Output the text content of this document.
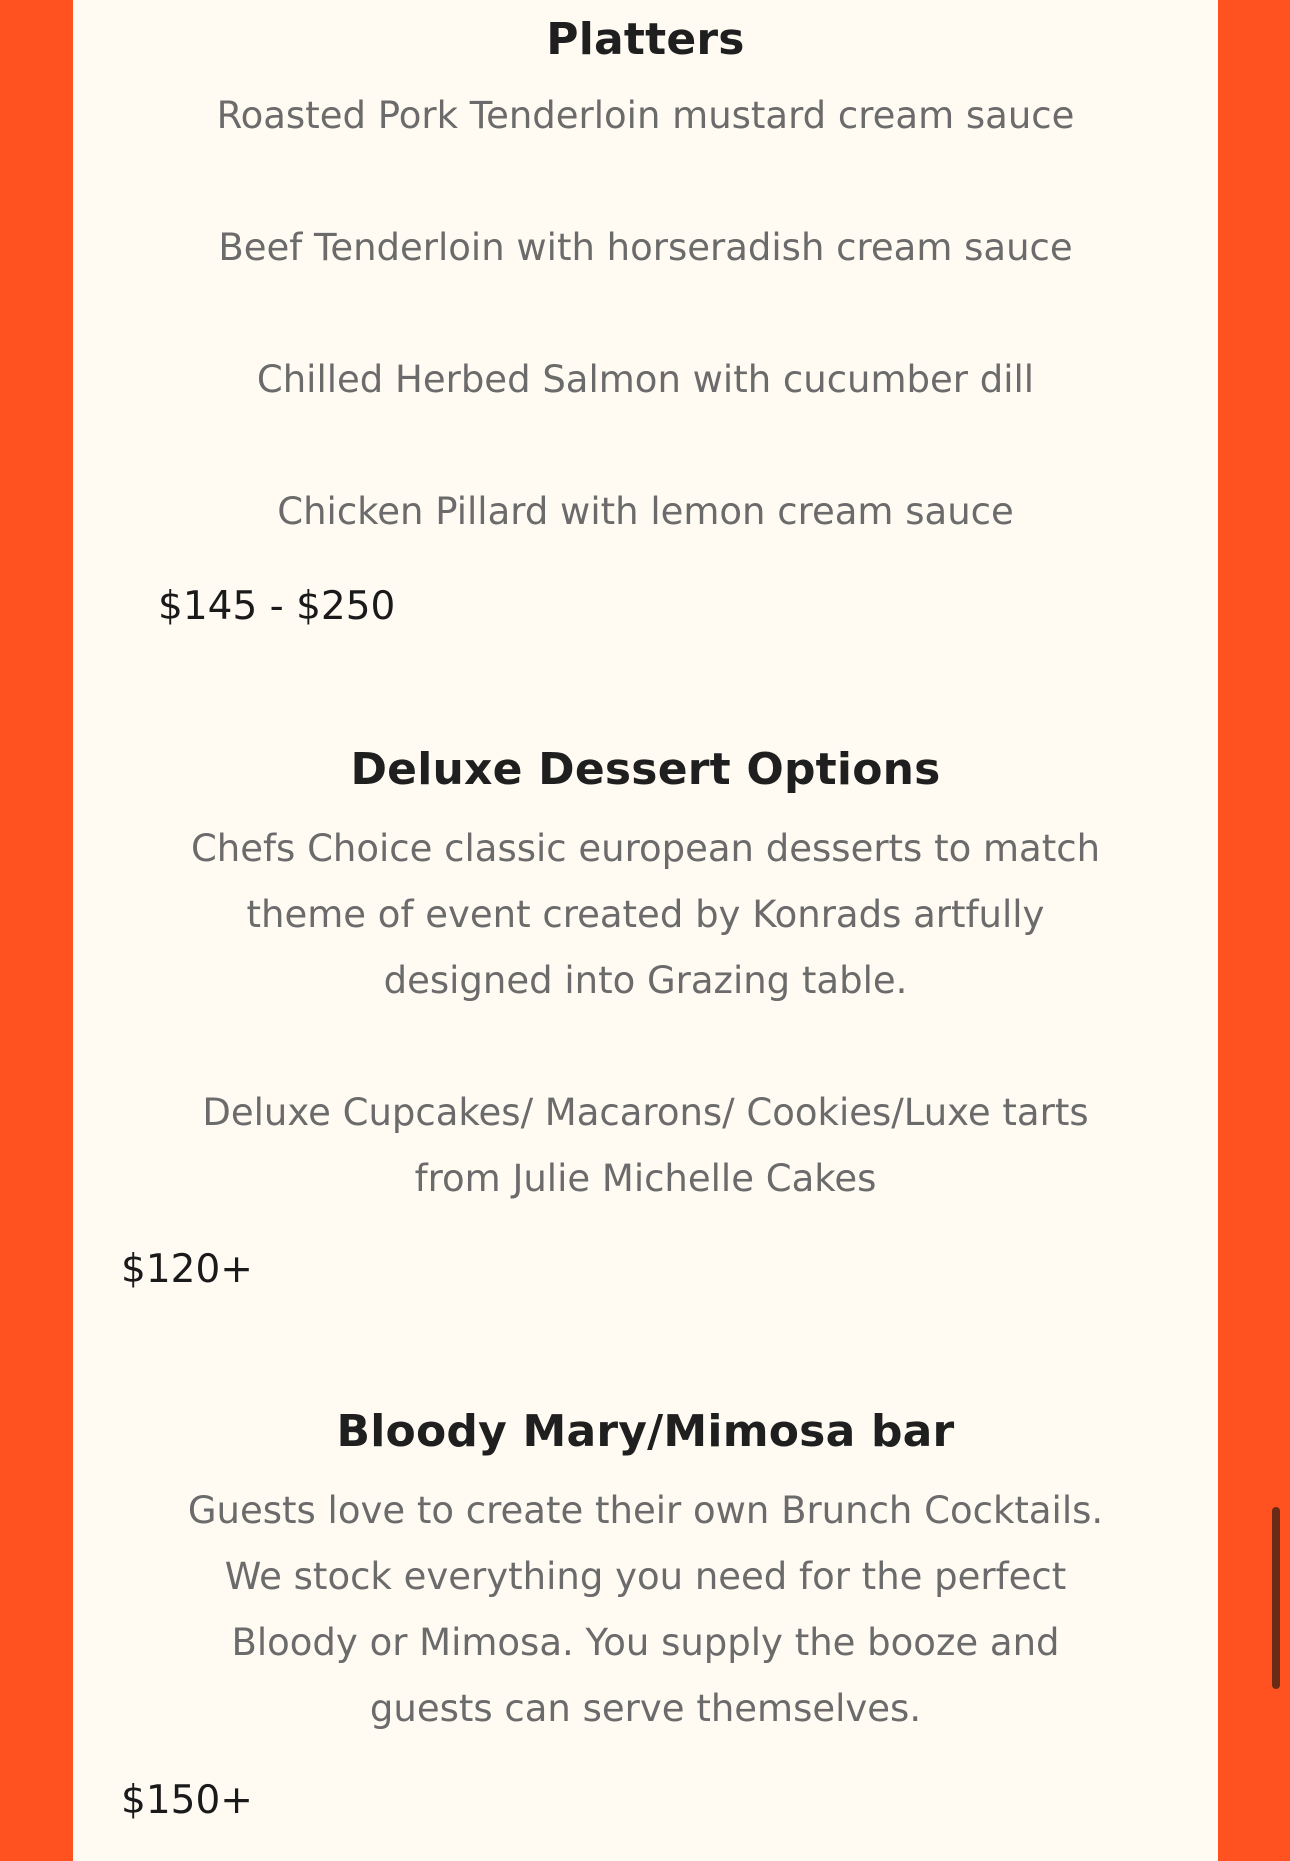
Platters

Roasted Pork Tenderloin mustard cream sauce

Beef Tenderloin with horseradish cream sauce

Chilled Herbed Salmon with cucumber dill

Chicken Pillard with lemon cream sauce

$145 - $250

Deluxe Dessert Options

Chefs Choice classic european desserts to match

theme of event created by Konrads artfully

designed into Grazing table.

Deluxe Cupcakes/ Macarons/ Cookies/Luxe tarts

from Julie Michelle Cakes

$120+

Bloody Mary/Mimosa bar

Guests love to create their own Brunch Cocktails.

We stock everything you need for the perfect

Bloody or Mimosa. You supply the booze and

guests can serve themselves.

$150+
